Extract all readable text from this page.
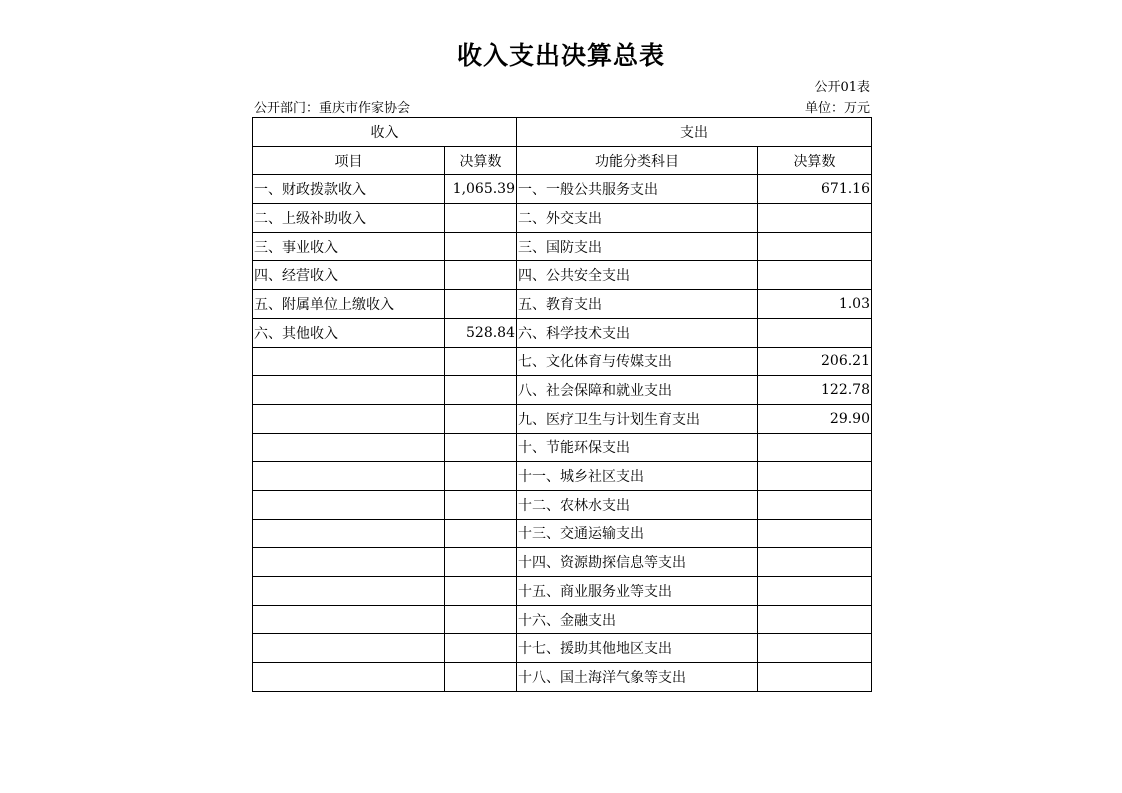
收入支出决算总表
公开01表
公开部门：重庆市作家协会	单位：万元
收入		支出	
项目	决算数	功能分类科目	决算数
一、财政拨款收入	1,065.39	一、一般公共服务支出	671.16
二、上级补助收入		二、外交支出	
三、事业收入		三、国防支出	
四、经营收入		四、公共安全支出	
五、附属单位上缴收入		五、教育支出	1.03
六、其他收入	528.84	六、科学技术支出	
		七、文化体育与传媒支出	206.21
		八、社会保障和就业支出	122.78
		九、医疗卫生与计划生育支出	29.90
		十、节能环保支出	
		十一、城乡社区支出	
		十二、农林水支出	
		十三、交通运输支出	
		十四、资源勘探信息等支出	
		十五、商业服务业等支出	
		十六、金融支出	
		十七、援助其他地区支出	
		十八、国土海洋气象等支出	
